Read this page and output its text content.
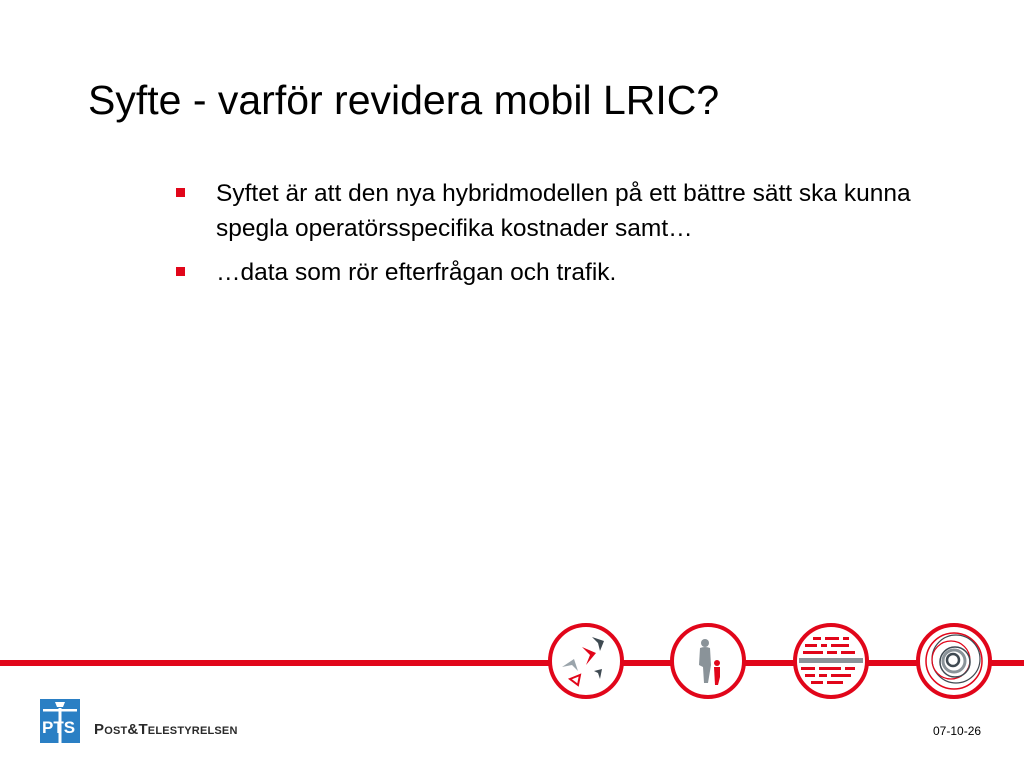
Syfte - varför revidera mobil LRIC?
Syftet är att den nya hybridmodellen på ett bättre sätt ska kunna spegla operatörsspecifika kostnader samt…
…data som rör efterfrågan och trafik.
PTS Post&Telestyrelsen	07-10-26
